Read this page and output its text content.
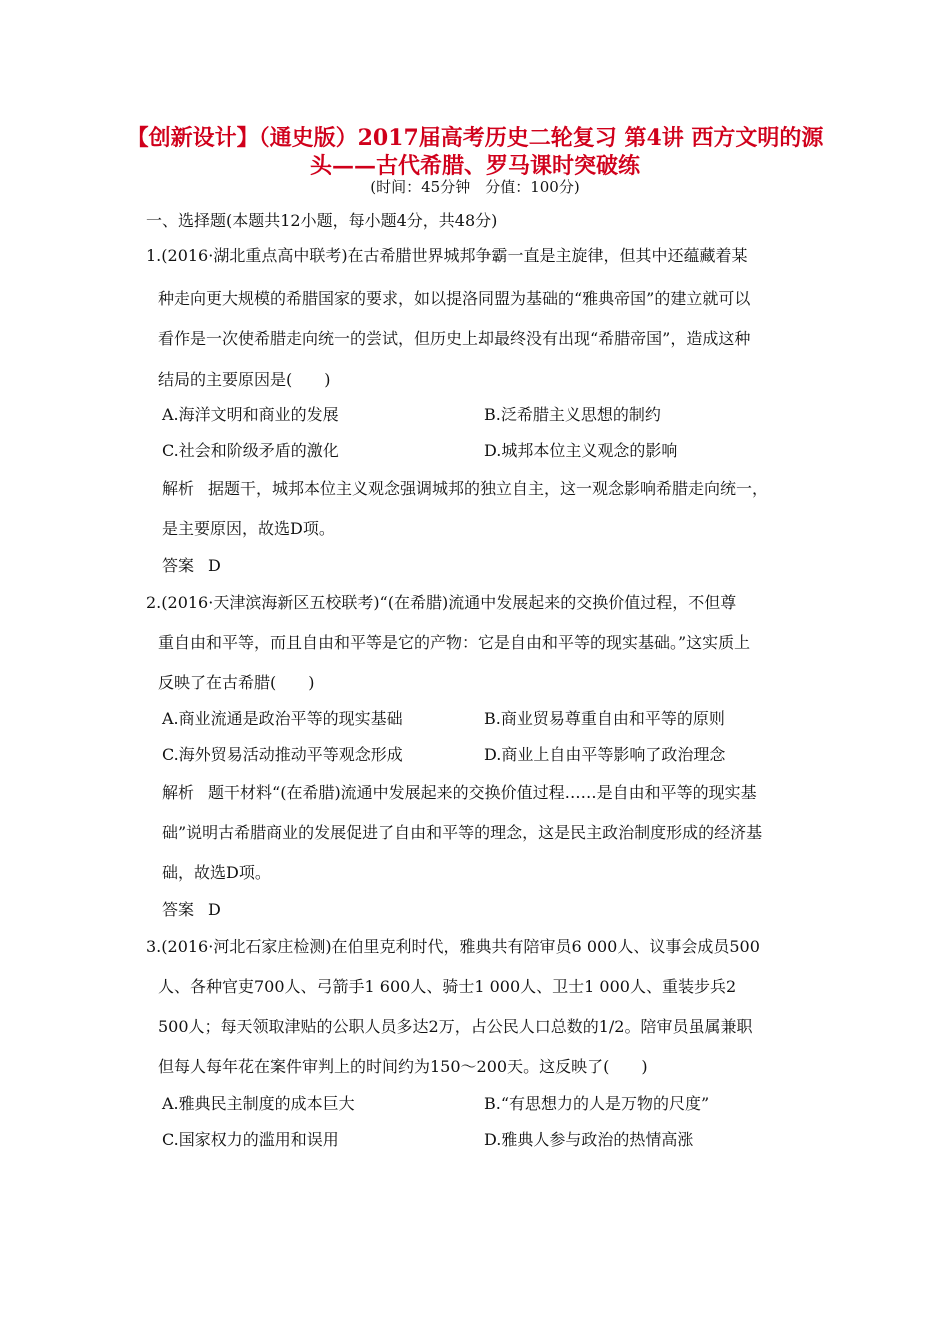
【创新设计】（通史版）2017届高考历史二轮复习 第4讲 西方文明的源头——古代希腊、罗马课时突破练
(时间：45分钟　分值：100分)
一、选择题(本题共12小题，每小题4分，共48分)
1.(2016·湖北重点高中联考)在古希腊世界城邦争霸一直是主旋律，但其中还蕴藏着某
种走向更大规模的希腊国家的要求，如以提洛同盟为基础的“雅典帝国”的建立就可以
看作是一次使希腊走向统一的尝试，但历史上却最终没有出现“希腊帝国”，造成这种
结局的主要原因是(　　)
A.海洋文明和商业的发展	B.泛希腊主义思想的制约
C.社会和阶级矛盾的激化	D.城邦本位主义观念的影响
解析 据题干，城邦本位主义观念强调城邦的独立自主，这一观念影响希腊走向统一，
是主要原因，故选D项。
答案 D
2.(2016·天津滨海新区五校联考)“(在希腊)流通中发展起来的交换价值过程，不但尊
重自由和平等，而且自由和平等是它的产物：它是自由和平等的现实基础。”这实质上
反映了在古希腊(　　)
A.商业流通是政治平等的现实基础	B.商业贸易尊重自由和平等的原则
C.海外贸易活动推动平等观念形成	D.商业上自由平等影响了政治理念
解析 题干材料“(在希腊)流通中发展起来的交换价值过程……是自由和平等的现实基
础”说明古希腊商业的发展促进了自由和平等的理念，这是民主政治制度形成的经济基
础，故选D项。
答案 D
3.(2016·河北石家庄检测)在伯里克利时代，雅典共有陪审员6 000人、议事会成员500
人、各种官吏700人、弓箭手1 600人、骑士1 000人、卫士1 000人、重装步兵2
500人；每天领取津贴的公职人员多达2万，占公民人口总数的1/2。陪审员虽属兼职
但每人每年花在案件审判上的时间约为150～200天。这反映了(　　)
A.雅典民主制度的成本巨大	B.“有思想力的人是万物的尺度”
C.国家权力的滥用和误用	D.雅典人参与政治的热情高涨
